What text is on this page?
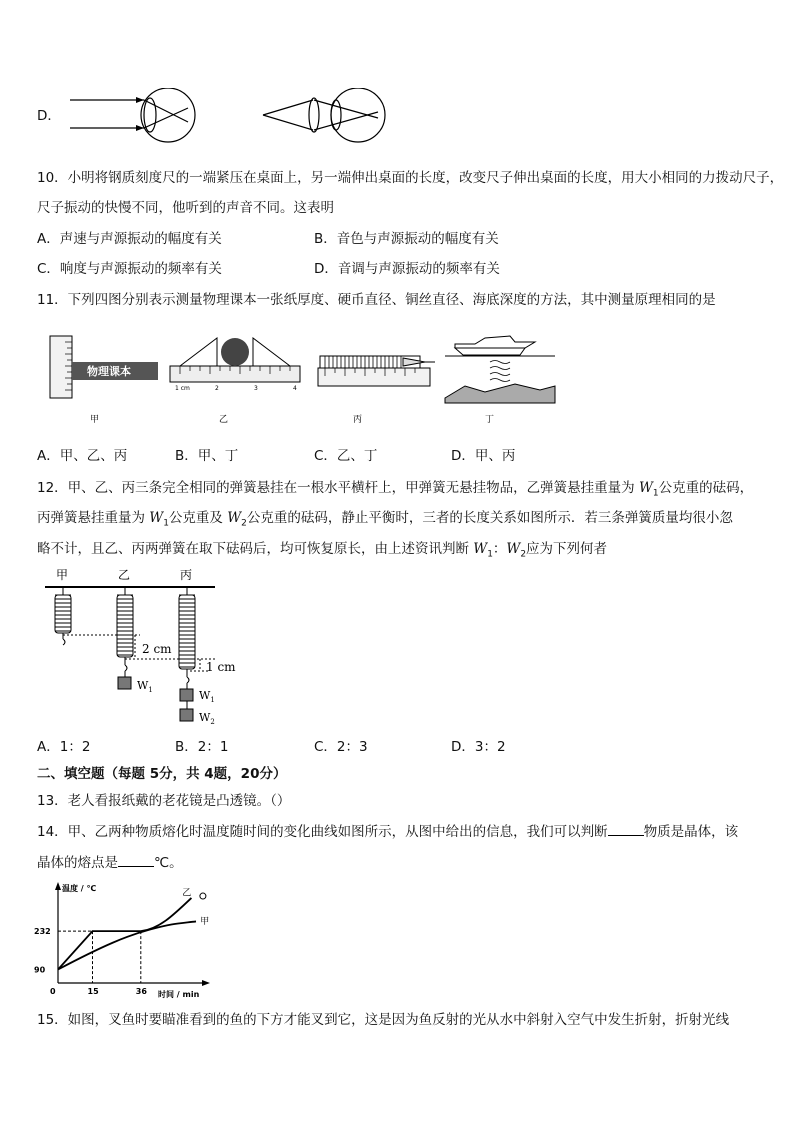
D．
10．小明将钢质刻度尺的一端紧压在桌面上，另一端伸出桌面的长度，改变尺子伸出桌面的长度，用大小相同的力拨动尺子，
尺子振动的快慢不同，他听到的声音不同。这表明
A．声速与声源振动的幅度有关	B．音色与声源振动的幅度有关
C．响度与声源振动的频率有关	D．音调与声源振动的频率有关
11．下列四图分别表示测量物理课本一张纸厚度、硬币直径、铜丝直径、海底深度的方法，其中测量原理相同的是
物理课本
甲
1 cm	2	3	4
乙	丙	丁
A．甲、乙、丙	B．甲、丁	C．乙、丁	D．甲、丙
12．甲、乙、丙三条完全相同的弹簧悬挂在一根水平横杆上，甲弹簧无悬挂物品，乙弹簧悬挂重量为 $W_1$公克重的砝码，
丙弹簧悬挂重量为 $W_1$公克重及 $W_2$公克重的砝码，静止平衡时，三者的长度关系如图所示．若三条弹簧质量均很小忽
略不计，且乙、丙两弹簧在取下砝码后，均可恢复原长，由上述资讯判断 $W_1$：$W_2$应为下列何者
甲	乙	丙
$W_1$	$W_1$
$W_2$
2 cm
1 cm
A．1：2	B．2：1	C．2：3	D．3：2
二、填空题（每题 5分，共 4题，20分）
13．老人看报纸戴的老花镜是凸透镜。（）
14．甲、乙两种物质熔化时温度随时间的变化曲线如图所示，从图中给出的信息，我们可以判断	物质是晶体，该
晶体的熔点是	℃。
温度 / ℃
时间 / min
232
90
0	15	36
甲
乙
15．如图，叉鱼时要瞄准看到的鱼的下方才能叉到它，这是因为鱼反射的光从水中斜射入空气中发生折射，折射光线
